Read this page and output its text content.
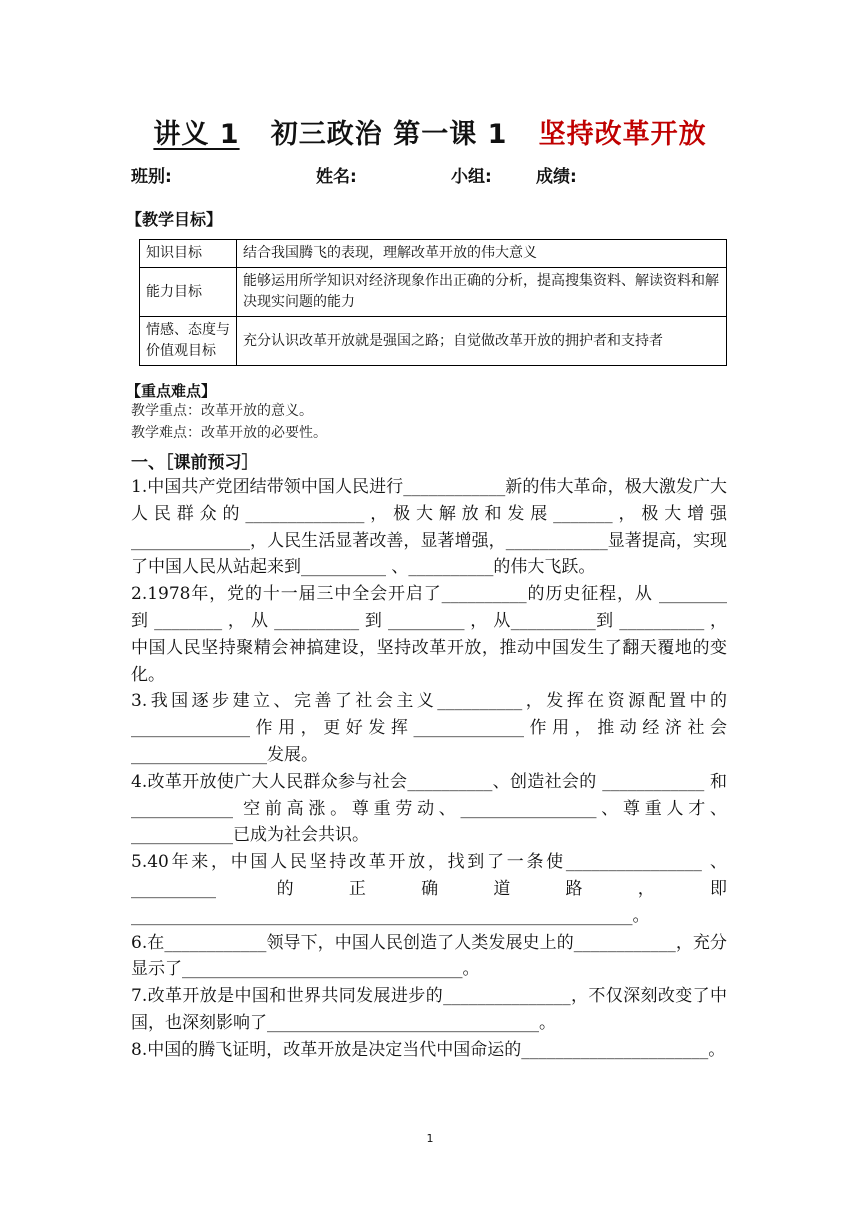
讲义 1 初三政治 第一课 1 坚持改革开放
班别:	姓名:	小组:	成绩:
【教学目标】
知识目标	结合我国腾飞的表现，理解改革开放的伟大意义
能力目标	能够运用所学知识对经济现象作出正确的分析，提高搜集资料、解读资料和解决现实问题的能力
情感、态度与价值观目标	充分认识改革开放就是强国之路；自觉做改革开放的拥护者和支持者
【重点难点】
教学重点：改革开放的意义。
教学难点：改革开放的必要性。
一、［课前预习］

1.中国共产党团结带领中国人民进行____________新的伟大革命，极大激发广大人民群众的______________，极大解放和发展_______，极大增强______________，人民生活显著改善，显著增强，____________显著提高，实现了中国人民从站起来到__________ 、__________的伟大飞跃。

2.1978年，党的十一届三中全会开启了__________的历史征程，从 ________ 到 ________ ， 从 __________ 到 _________ ， 从__________到 __________ ，中国人民坚持聚精会神搞建设，坚持改革开放，推动中国发生了翻天覆地的变化。

3.我国逐步建立、完善了社会主义__________，发挥在资源配置中的______________作用，更好发挥_____________作用，推动经济社会________________发展。

4.改革开放使广大人民群众参与社会__________、创造社会的 ____________ 和 ____________ 空前高涨。尊重劳动、________________、尊重人才、____________已成为社会共识。

5.40年来，中国人民坚持改革开放，找到了一条使________________ 、 __________ 的正确道路，即___________________________________________________________。

6.在____________领导下，中国人民创造了人类发展史上的____________，充分显示了_________________________________。

7.改革开放是中国和世界共同发展进步的_______________，不仅深刻改变了中国，也深刻影响了________________________________。

8.中国的腾飞证明，改革开放是决定当代中国命运的______________________。

1
